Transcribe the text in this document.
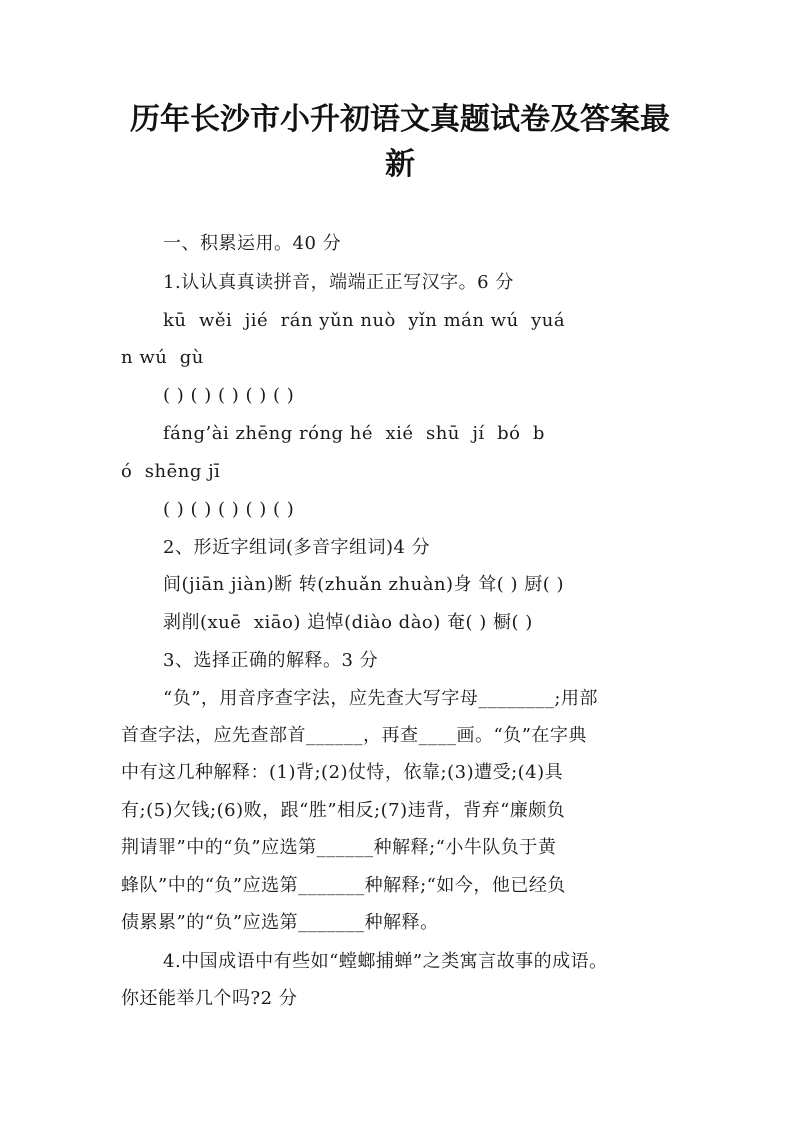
历年长沙市小升初语文真题试卷及答案最
新
一、积累运用。40 分
1.认认真真读拼音，端端正正写汉字。6 分
kū  wěi  jié  rán yǔn nuò  yǐn mán wú  yuá
n wú  gù
( ) ( ) ( ) ( ) ( )
fáng’ài zhēng róng hé  xié  shū  jí  bó  b
ó  shēng jī
( ) ( ) ( ) ( ) ( )
2、形近字组词(多音字组词)4 分
间(jiān jiàn)断 转(zhuǎn zhuàn)身 耸( ) 厨( )
剥削(xuē  xiāo) 追悼(diào dào) 奄( ) 橱( )
3、选择正确的解释。3 分
“负”，用音序查字法，应先查大写字母________;用部
首查字法，应先查部首______，再查____画。“负”在字典
中有这几种解释：(1)背;(2)仗恃，依靠;(3)遭受;(4)具
有;(5)欠钱;(6)败，跟“胜”相反;(7)违背，背弃“廉颇负
荆请罪”中的“负”应选第______种解释;“小牛队负于黄
蜂队”中的“负”应选第_______种解释;“如今，他已经负
债累累”的“负”应选第_______种解释。
4.中国成语中有些如“螳螂捕蝉”之类寓言故事的成语。
你还能举几个吗?2 分
